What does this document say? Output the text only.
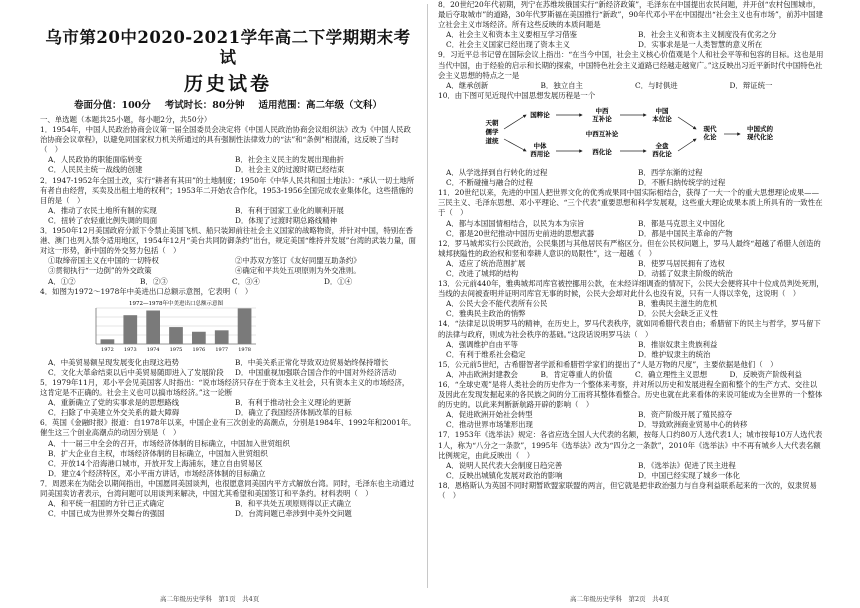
乌市第20中2020-2021学年高二下学期期末考试
历史试卷
卷面分值：100分 考试时长：80分钟 适用范围：高二年级（文科）
一、单选题（本题共25小题，每小题2分，共50分）

1．1954年，中国人民政治协商会议第一届全国委员会决定将《中国人民政治协商会议组织法》改为《中国人民政治协商会议章程》，以避免同国家权力机关所通过的具有强制性法律效力的“法”和“条例”相混淆，这反映了当时（　）

A．人民政协的职能面临转变	B．社会主义民主的发展出现曲折
C．人民民主统一战线的创建	D．社会主义的过渡时期已经结束

2．1947-1952年全国土改，实行“耕者有其田”的土地制度；1950年《中华人民共和国土地法》：“承认一切土地所有者自由经营，买卖及出租土地的权利”；1953年二开始农合作化，1953-1956全国完成农业集体化，这些措施的目的是（　）

A．推动了农民土地所有制的实现	B．有利于国家工业化的顺利开展
C．扭转了农轻重比例失调的局面	D．体现了过渡时期总路线精神

3．1950年12月美国政府分派下令禁止美国飞机、船只装卸前往社会主义国家的战略物资，并针对中国，特别在香港、澳门也列入禁令适用地区，1954年12月“美台共同防御条约”出台，规定美国“维持并发展”台湾的武装力量，面对这一形势，新中国的外交努力包括（　）

①取缔帝国主义在中国的一切特权	②中苏双方签订《友好同盟互助条约》
③贯彻执行“一边倒”的外交政策	④确定和平共处五项原则为外交准则。
A．①②	B．②③	C．③④	D．①④

4．如图为1972～1978年中美进出口总额示意图，它表明（　）

1972—1978年中美进出口总额示意图
1972 1973 1974 1975 1976 1977 1978
A．中美贸易额呈现发展变化由现这趋势	B．中美关系正常化导致双边贸易始终保持增长
C．文化大革命结束以后中美贸易随即进入了发展阶段	D．中国重视加强联合国合作的中国对外经济活动

5．1979年11月，邓小平会见美国客人时指出：“说市场经济只存在于资本主义社会，只有资本主义的市场经济，这肯定是不正确的。社会主义也可以搞市场经济。”这一论断

A．重新确立了党的实事求是的思想路线	B．有利于推动社会主义理论的更新
C．扫除了中美建立外交关系的最大障碍	D．确立了我国经济体制改革的目标

6．英国《金融时报》报道：自1978年以来，中国企业有三次创业的高潮点，分别是1984年、1992年和2001年。催生这三个创业高潮点的动因分别是（　）

A．十一届三中全会的召开，市场经济体制的目标确立，中国加入世贸组织
B．扩大企业自主权，市场经济体制的目标确立，中国加入世贸组织
C．开放14个沿海港口城市，开放开发上海浦东，建立自由贸易区
D．建立4个经济特区，邓小平南方讲话，市场经济体制的目标确立

7．周恩来在为陆会以期间指出，中国愿同美国谈判，也很愿意同美国内平方式解放台湾。同时，毛泽东也主动通过同美国卖访者表示，台湾问题可以用谈判来解决，中国尤其希望和美国签订和平条约。材料表明（　）

A．和平统一祖国的方针已正式确定	B．和平共处五项原则得以正式确立
C．中国已成为世界外交舞台的强国	D．台湾问题已牵涉到中美外交问题

8．20世纪20年代初期，列宁在苏维埃俄国实行“新经济政策”，毛泽东在中国提出农民问题，并开创“农村包围城市，最后夺取城市”的道路，30年代罗斯福在美国推行“新政”，90年代邓小平在中国提出“社会主义也有市场”，前苏中国建立社会主义市场经济。所有这些反映的本质问题是

A．社会主义和资本主义要相互学习借鉴	B．社会主义和资本主义制度没有优劣之分
C．社会主义国家已经出现了资本主义	D．实事求是是一人类智慧的意义所在

9．习近平总书记曾在国际会议上指出：“在当今中国，社会主义核心价值观是个人和社会平等和包容的目标。这也是用当代中国，由于经验的启示和长期的探索，中国特色社会主义道路已经越走越宽广。”这反映出习近平新时代中国特色社会主义思想的特点之一是

A．继承创新	B．独立自主	C．与时俱进	D．辩证统一

10．由下图可见近现代中国思想发展历程是一个

天朝
儒学
道统
国粹论	中西
互补论
中国
本位论
中西互补论
中体
西用论	西化论
全盘
西化论
现代
化论
中国式的
现代化论
A．从学选择到自行转化的过程	B．西学东渐的过程
C．不断碰撞与融合的过程	D．不断归纳传统学的过程

11．20世纪以来，先进的中国人把世界文化的优秀成果同中国实际相结合，获得了一大一个的重大思想理论成果——三民主义、毛泽东思想、邓小平理论、“三个代表”重要思想和科学发展观，这些重大理论成果本质上所具有的一致性在于（　）

A．都与本国国情相结合，以民为本为宗旨	B．都是马克思主义中国化
C．都是20世纪推动中国历史前进的思想武器	D．都是中国民主革命的产物

12．罗马城邦实行公民政治，公民集团与其他居民有严格区分。但在公民权问题上，罗马人最终“超越了希腊人创造的城邦狭隘性的政治权和竖和奉耕人意识的局限性”，这一超越（　）

A．适应了统治范围扩展	B．使罗马居民拥有了选权
C．改进了城邦的结构	D．动摇了奴隶主阶级的统治

13．公元前440年，雅典城邦司库官被控挪用公款，在未经详细调查的情况下，公民大会便将其中十位成员判处死刑，当线的去间被查明并证明司库官无事的时候，公民大会却对此什么也没有说，只有一人得以幸免，这说明（　）

A．公民大会不能代表所有公民	B．雅典民主滋生的危机
C．雅典民主政治的悄弊	D．公民大会缺乏正义性

14．“法律足以说明罗马的精神，在历史上，罗马代表秩序，就如同希腊代表自由；希腊留下的民主与哲学，罗马留下的法律与政府，则成为社会秩序的基础。”这段话说明罗马法（　）

A．强调维护自由平等	B．推崇奴隶主贵族利益
C．有利于维系社会稳定	D．维护奴隶主的统治

15．公元前5世纪，古希腊智者学派和希腊哲学家们的提出了“人是万物的尺度”，主要依据是他们（　）

A．冲击欧洲封建教会	B．肯定尊重人的价值	C．确立理性主义思想	D．反映资产阶级利益

16．“全球史观”是将人类社会的历史作为一个整体来考察，并对所以历史和发展进程全面和整个的生产方式、交往以及因此在发现发掘起来的各民族之间的分工而将其整体看整合。历史也就在此来看体的来说可能成为全世界的一个整体的历史的。以此来判断新航路开辟的影响（　）

A．促进欧洲开始社会转型	B．资产阶级开展了殖民掠夺
C．推动世界市场雏形出现	D．导致欧洲商业贸易中心的转移

17．1953年《选举法》规定：各省应选全国人大代表的名额，按每人口约80万人选代表1人；城市按每10万人选代表1人，称为“八分之一条款”，1995年《选举法》改为“四分之一条款”，2010年《选举法》中不再有城乡人大代表名额比例规定，由此反映出（　）

A．说明人民代表大会制度日趋完善	B．《选举法》促进了民主进程
C．反映出城镇化发展对政治的影响	D．中国已经实现了城乡一体化

18．恩格斯认为英国不同时期暂欧盟家联盟的两言，但它就是把非政治强力与自身利益联系起来的一次的，奴隶贸易（　）

高二年级历史学科　第1页　共4页	高二年级历史学科　第2页　共4页
